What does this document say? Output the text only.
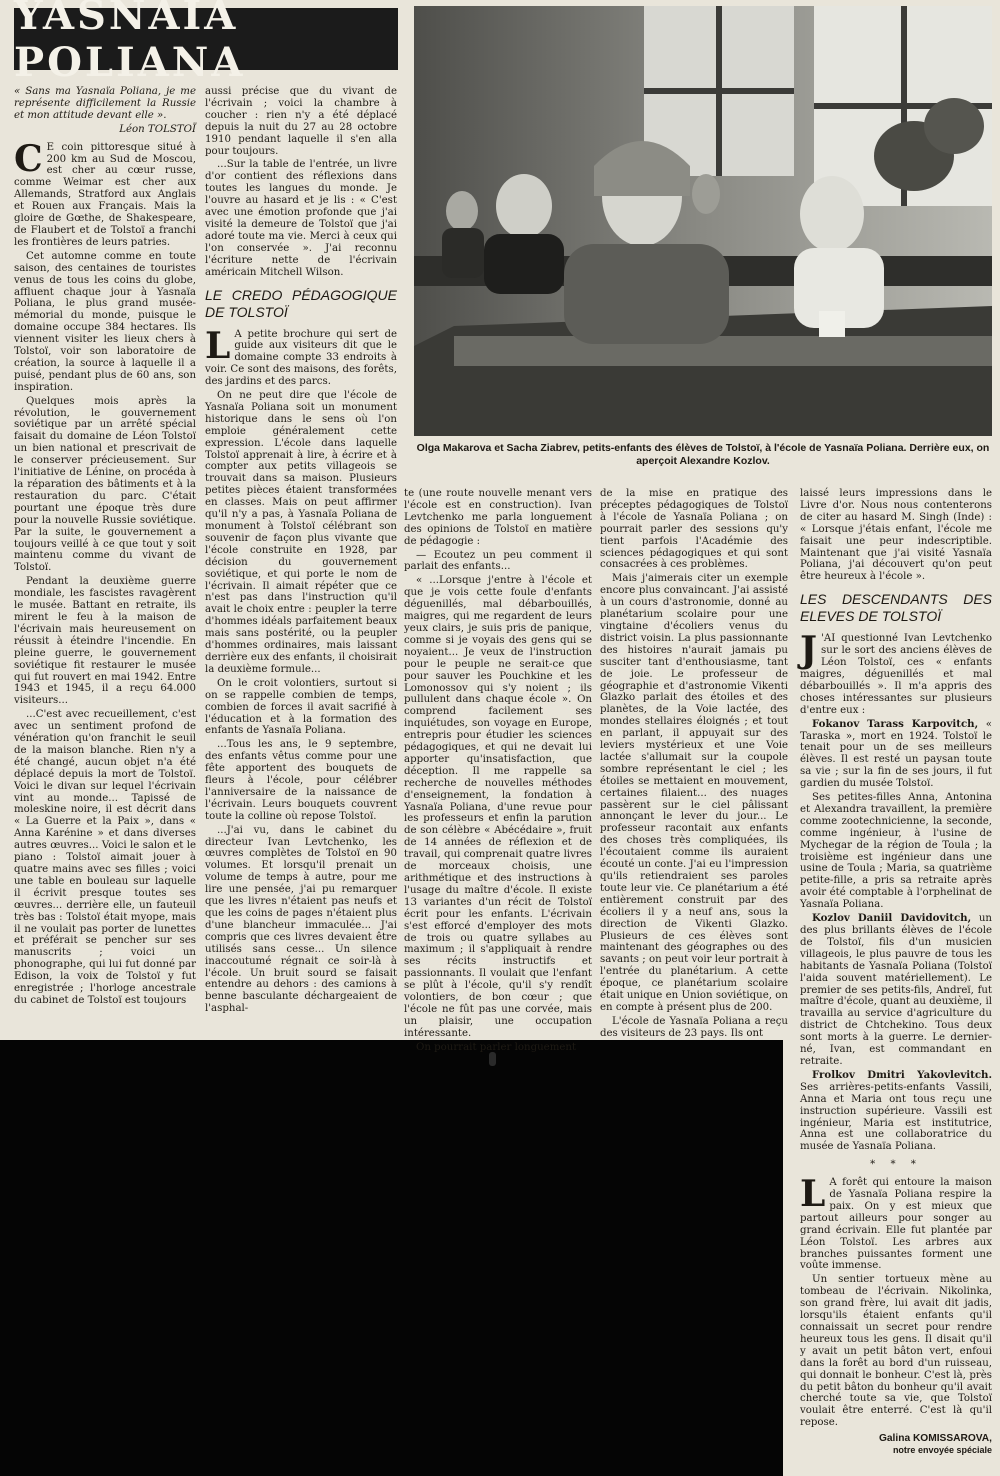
YASNAIA POLIANA
Olga Makarova et Sacha Ziabrev, petits-enfants des élèves de Tolstoï, à l'école de Yasnaïa Poliana. Derrière eux, on aperçoit Alexandre Kozlov.

« Sans ma Yasnaïa Poliana, je me représente difficilement la Russie et mon attitude devant elle ».

Léon TOLSTOÏ

C E coin pittoresque situé à 200 km au Sud de Moscou, est cher au cœur russe, comme Weimar est cher aux Allemands, Stratford aux Anglais et Rouen aux Français. Mais la gloire de Gœthe, de Shakespeare, de Flaubert et de Tolstoï a franchi les frontières de leurs patries.

Cet automne comme en toute saison, des centaines de touristes venus de tous les coins du globe, affluent chaque jour à Yasnaïa Poliana, le plus grand musée-mémorial du monde, puisque le domaine occupe 384 hectares. Ils viennent visiter les lieux chers à Tolstoï, voir son laboratoire de création, la source à laquelle il a puisé, pendant plus de 60 ans, son inspiration.

Quelques mois après la révolution, le gouvernement soviétique par un arrêté spécial faisait du domaine de Léon Tolstoï un bien national et prescrivait de le conserver précieusement. Sur l'initiative de Lénine, on procéda à la réparation des bâtiments et à la restauration du parc. C'était pourtant une époque très dure pour la nouvelle Russie soviétique. Par la suite, le gouvernement a toujours veillé à ce que tout y soit maintenu comme du vivant de Tolstoï.

Pendant la deuxième guerre mondiale, les fascistes ravagèrent le musée. Battant en retraite, ils mirent le feu à la maison de l'écrivain mais heureusement on réussit à éteindre l'incendie. En pleine guerre, le gouvernement soviétique fit restaurer le musée qui fut rouvert en mai 1942. Entre 1943 et 1945, il a reçu 64.000 visiteurs...

...C'est avec recueillement, c'est avec un sentiment profond de vénération qu'on franchit le seuil de la maison blanche. Rien n'y a été changé, aucun objet n'a été déplacé depuis la mort de Tolstoï. Voici le divan sur lequel l'écrivain vint au monde... Tapissé de moleskine noire, il est décrit dans « La Guerre et la Paix », dans « Anna Karénine » et dans diverses autres œuvres... Voici le salon et le piano : Tolstoï aimait jouer à quatre mains avec ses filles ; voici une table en bouleau sur laquelle il écrivit presque toutes ses œuvres... derrière elle, un fauteuil très bas : Tolstoï était myope, mais il ne voulait pas porter de lunettes et préférait se pencher sur ses manuscrits ; voici un phonographe, qui lui fut donné par Edison, la voix de Tolstoï y fut enregistrée ; l'horloge ancestrale du cabinet de Tolstoï est toujours

aussi précise que du vivant de l'écrivain ; voici la chambre à coucher : rien n'y a été déplacé depuis la nuit du 27 au 28 octobre 1910 pendant laquelle il s'en alla pour toujours.

...Sur la table de l'entrée, un livre d'or contient des réflexions dans toutes les langues du monde. Je l'ouvre au hasard et je lis : « C'est avec une émotion profonde que j'ai visité la demeure de Tolstoï que j'ai adoré toute ma vie. Merci à ceux qui l'on conservée ». J'ai reconnu l'écriture nette de l'écrivain américain Mitchell Wilson.

LE CREDO PÉDAGOGIQUE DE TOLSTOÏ

L A petite brochure qui sert de guide aux visiteurs dit que le domaine compte 33 endroits à voir. Ce sont des maisons, des forêts, des jardins et des parcs.

On ne peut dire que l'école de Yasnaïa Poliana soit un monument historique dans le sens où l'on emploie généralement cette expression. L'école dans laquelle Tolstoï apprenait à lire, à écrire et à compter aux petits villageois se trouvait dans sa maison. Plusieurs petites pièces étaient transformées en classes. Mais on peut affirmer qu'il n'y a pas, à Yasnaïa Poliana de monument à Tolstoï célébrant son souvenir de façon plus vivante que l'école construite en 1928, par décision du gouvernement soviétique, et qui porte le nom de l'écrivain. Il aimait répéter que ce n'est pas dans l'instruction qu'il avait le choix entre : peupler la terre d'hommes idéals parfaitement beaux mais sans postérité, ou la peupler d'hommes ordinaires, mais laissant derrière eux des enfants, il choisirait la deuxième formule...

On le croit volontiers, surtout si on se rappelle combien de temps, combien de forces il avait sacrifié à l'éducation et à la formation des enfants de Yasnaïa Poliana.

...Tous les ans, le 9 septembre, des enfants vêtus comme pour une fête apportent des bouquets de fleurs à l'école, pour célébrer l'anniversaire de la naissance de l'écrivain. Leurs bouquets couvrent toute la colline où repose Tolstoï.

...J'ai vu, dans le cabinet du directeur Ivan Levtchenko, les œuvres complètes de Tolstoï en 90 volumes. Et lorsqu'il prenait un volume de temps à autre, pour me lire une pensée, j'ai pu remarquer que les livres n'étaient pas neufs et que les coins de pages n'étaient plus d'une blancheur immaculée... J'ai compris que ces livres devaient être utilisés sans cesse... Un silence inaccoutumé régnait ce soir-là à l'école. Un bruit sourd se faisait entendre au dehors : des camions à benne basculante déchargeaient de l'asphal-

te (une route nouvelle menant vers l'école est en construction). Ivan Levtchenko me parla longuement des opinions de Tolstoï en matière de pédagogie :

— Ecoutez un peu comment il parlait des enfants...

« ...Lorsque j'entre à l'école et que je vois cette foule d'enfants déguenillés, mal débarbouillés, maigres, qui me regardent de leurs yeux clairs, je suis pris de panique, comme si je voyais des gens qui se noyaient... Je veux de l'instruction pour le peuple ne serait-ce que pour sauver les Pouchkine et les Lomonossov qui s'y noient ; ils pullulent dans chaque école ». On comprend facilement ses inquiétudes, son voyage en Europe, entrepris pour étudier les sciences pédagogiques, et qui ne devait lui apporter qu'insatisfaction, que déception. Il me rappelle sa recherche de nouvelles méthodes d'enseignement, la fondation à Yasnaïa Poliana, d'une revue pour les professeurs et enfin la parution de son célèbre « Abécédaire », fruit de 14 années de réflexion et de travail, qui comprenait quatre livres de morceaux choisis, une arithmétique et des instructions à l'usage du maître d'école. Il existe 13 variantes d'un récit de Tolstoï écrit pour les enfants. L'écrivain s'est efforcé d'employer des mots de trois ou quatre syllabes au maximum ; il s'appliquait à rendre ses récits instructifs et passionnants. Il voulait que l'enfant se plût à l'école, qu'il s'y rendît volontiers, de bon cœur ; que l'école ne fût pas une corvée, mais un plaisir, une occupation intéressante.

On pourrait parler longuement

de la mise en pratique des préceptes pédagogiques de Tolstoï à l'école de Yasnaïa Poliana ; on pourrait parler des sessions qu'y tient parfois l'Académie des sciences pédagogiques et qui sont consacrées à ces problèmes.

Mais j'aimerais citer un exemple encore plus convaincant. J'ai assisté à un cours d'astronomie, donné au planétarium scolaire pour une vingtaine d'écoliers venus du district voisin. La plus passionnante des histoires n'aurait jamais pu susciter tant d'enthousiasme, tant de joie. Le professeur de géographie et d'astronomie Vikenti Glazko parlait des étoiles et des planètes, de la Voie lactée, des mondes stellaires éloignés ; et tout en parlant, il appuyait sur des leviers mystérieux et une Voie lactée s'allumait sur la coupole sombre représentant le ciel ; les étoiles se mettaient en mouvement, certaines filaient... des nuages passèrent sur le ciel pâlissant annonçant le lever du jour... Le professeur racontait aux enfants des choses très compliquées, ils l'écoutaient comme ils auraient écouté un conte. J'ai eu l'impression qu'ils retiendraient ses paroles toute leur vie. Ce planétarium a été entièrement construit par des écoliers il y a neuf ans, sous la direction de Vikenti Glazko. Plusieurs de ces élèves sont maintenant des géographes ou des savants ; on peut voir leur portrait à l'entrée du planétarium. A cette époque, ce planétarium scolaire était unique en Union soviétique, on en compte à présent plus de 200.

L'école de Yasnaïa Poliana a reçu des visiteurs de 23 pays. Ils ont

laissé leurs impressions dans le Livre d'or. Nous nous contenterons de citer au hasard M. Singh (Inde) : « Lorsque j'étais enfant, l'école me faisait une peur indescriptible. Maintenant que j'ai visité Yasnaïa Poliana, j'ai découvert qu'on peut être heureux à l'école ».

LES DESCENDANTS DES ELEVES DE TOLSTOÏ

J 'AI questionné Ivan Levtchenko sur le sort des anciens élèves de Léon Tolstoï, ces « enfants maigres, déguenillés et mal débarbouillés ». Il m'a appris des choses intéressantes sur plusieurs d'entre eux :

Fokanov Tarass Karpovitch, « Taraska », mort en 1924. Tolstoï le tenait pour un de ses meilleurs élèves. Il est resté un paysan toute sa vie ; sur la fin de ses jours, il fut gardien du musée Tolstoï.

Ses petites-filles Anna, Antonina et Alexandra travaillent, la première comme zootechnicienne, la seconde, comme ingénieur, à l'usine de Mychegar de la région de Toula ; la troisième est ingénieur dans une usine de Toula ; Maria, sa quatrième petite-fille, a pris sa retraite après avoir été comptable à l'orphelinat de Yasnaïa Poliana.

Kozlov Daniil Davidovitch, un des plus brillants élèves de l'école de Tolstoï, fils d'un musicien villageois, le plus pauvre de tous les habitants de Yasnaïa Poliana (Tolstoï l'aida souvent matériellement). Le premier de ses petits-fils, Andreï, fut maître d'école, quant au deuxième, il travailla au service d'agriculture du district de Chtchekino. Tous deux sont morts à la guerre. Le dernier-né, Ivan, est commandant en retraite.

Frolkov Dmitri Yakovlevitch. Ses arrières-petits-enfants Vassili, Anna et Maria ont tous reçu une instruction supérieure. Vassili est ingénieur, Maria est institutrice, Anna est une collaboratrice du musée de Yasnaïa Poliana.

* * *

L A forêt qui entoure la maison de Yasnaïa Poliana respire la paix. On y est mieux que partout ailleurs pour songer au grand écrivain. Elle fut plantée par Léon Tolstoï. Les arbres aux branches puissantes forment une voûte immense.

Un sentier tortueux mène au tombeau de l'écrivain. Nikolinka, son grand frère, lui avait dit jadis, lorsqu'ils étaient enfants qu'il connaissait un secret pour rendre heureux tous les gens. Il disait qu'il y avait un petit bâton vert, enfoui dans la forêt au bord d'un ruisseau, qui donnait le bonheur. C'est là, près du petit bâton du bonheur qu'il avait cherché toute sa vie, que Tolstoï voulait être enterré. C'est là qu'il repose.

Galina KOMISSAROVA,

notre envoyée spéciale
